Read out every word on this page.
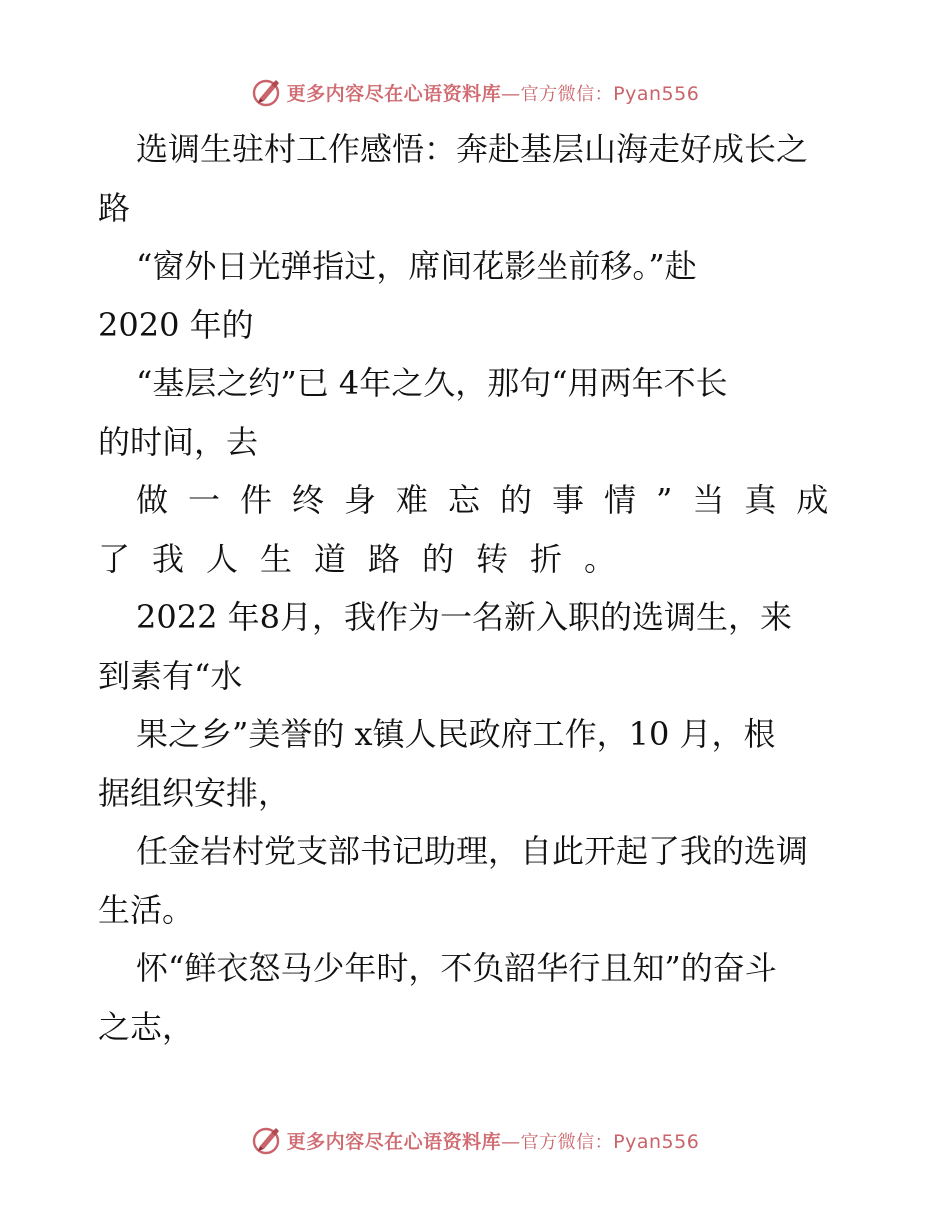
更多内容尽在心语资料库—官方微信：Pyan556
选调生驻村工作感悟：奔赴基层山海走好成长之
路
“窗外日光弹指过，席间花影坐前移。”赴
2020 年的
“基层之约”已 4年之久，那句“用两年不长
的时间，去
做一件终身难忘的事情”当真成
了我人生道路的转折。
2022 年8月，我作为一名新入职的选调生，来
到素有“水
果之乡”美誉的 x镇人民政府工作，10 月，根
据组织安排，
任金岩村党支部书记助理，自此开起了我的选调
生活。
怀“鲜衣怒马少年时，不负韶华行且知”的奋斗
之志，
更多内容尽在心语资料库—官方微信：Pyan556
